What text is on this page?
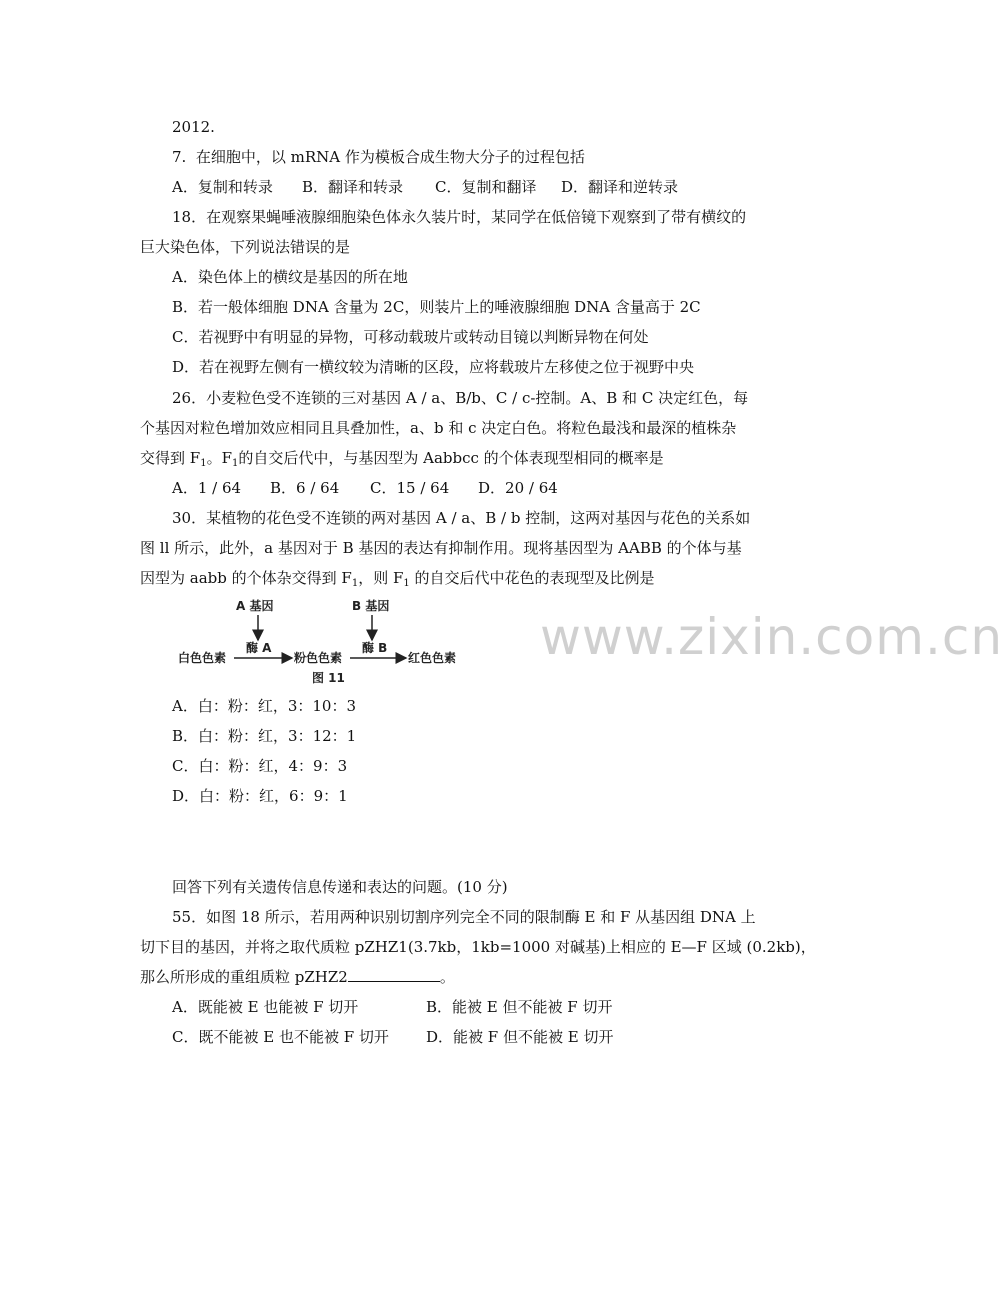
www.zixin.com.cn
2012.
7.  在细胞中，以 mRNA 作为模板合成生物大分子的过程包括
A．复制和转录 B．翻译和转录 C．复制和翻译 D．翻译和逆转录
18．在观察果蝇唾液腺细胞染色体永久装片时，某同学在低倍镜下观察到了带有横纹的
巨大染色体，下列说法错误的是
A．染色体上的横纹是基因的所在地
B．若一般体细胞 DNA 含量为 2C，则装片上的唾液腺细胞 DNA 含量高于 2C
C．若视野中有明显的异物，可移动载玻片或转动目镜以判断异物在何处
D．若在视野左侧有一横纹较为清晰的区段，应将载玻片左移使之位于视野中央
26．小麦粒色受不连锁的三对基因 A / a、B/b、C / c-控制。A、B 和 C 决定红色，每
个基因对粒色增加效应相同且具叠加性，a、b 和 c 决定白色。将粒色最浅和最深的植株杂
交得到 $F_1$。$F_1$的自交后代中，与基因型为 Aabbcc 的个体表现型相同的概率是
A．1 / 64 B．6 / 64 C．15 / 64 D．20 / 64
30．某植物的花色受不连锁的两对基因 A / a、B / b 控制，这两对基因与花色的关系如
图 ll 所示，此外，a 基因对于 B 基因的表达有抑制作用。现将基因型为 AABB 的个体与基
因型为 aabb 的个体杂交得到 $F_1$，则 $F_1$ 的自交后代中花色的表现型及比例是
A 基因	B 基因
酶 A	酶 B
白色色素	粉色色素	红色色素
图 11
A．白：粉：红，3：10：3
B．白：粉：红，3：12：1
C．白：粉：红，4：9：3
D．白：粉：红，6：9：1
回答下列有关遗传信息传递和表达的问题。(10 分)
55．如图 18 所示，若用两种识别切割序列完全不同的限制酶 E 和 F 从基因组 DNA 上
切下目的基因，并将之取代质粒 pZHZ1(3.7kb，1kb=1000 对碱基)上相应的 E—F 区域 (0.2kb)，
那么所形成的重组质粒 pZHZ2	。
A．既能被 E 也能被 F 切开	B．能被 E 但不能被 F 切开
C．既不能被 E 也不能被 F 切开 D．能被 F 但不能被 E 切开
